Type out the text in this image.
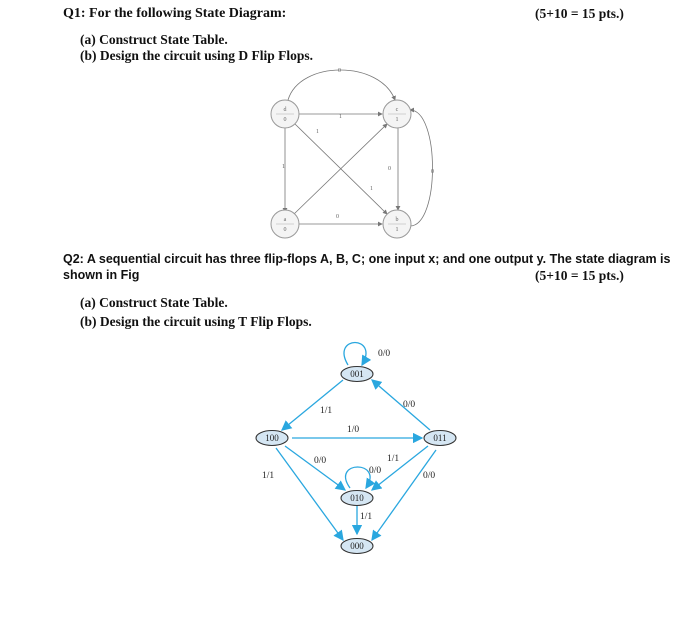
Q1: For the following State Diagram:	(5+10 = 15 pts.)
(a) Construct State Table.
(b) Design the circuit using D Flip Flops.
d
0
c
1
a
0
b
1
0
1
1
1	0
1
0
0
Q2: A sequential circuit has three flip-flops A, B, C; one input x; and one output y. The state diagram is
shown in Fig	(5+10 = 15 pts.)
(a) Construct State Table.
(b) Design the circuit using T Flip Flops.
001
100	011
010
000
0/0
1/1
0/0
1/0
0/0	1/1
0/0
1/1	0/0
1/1
